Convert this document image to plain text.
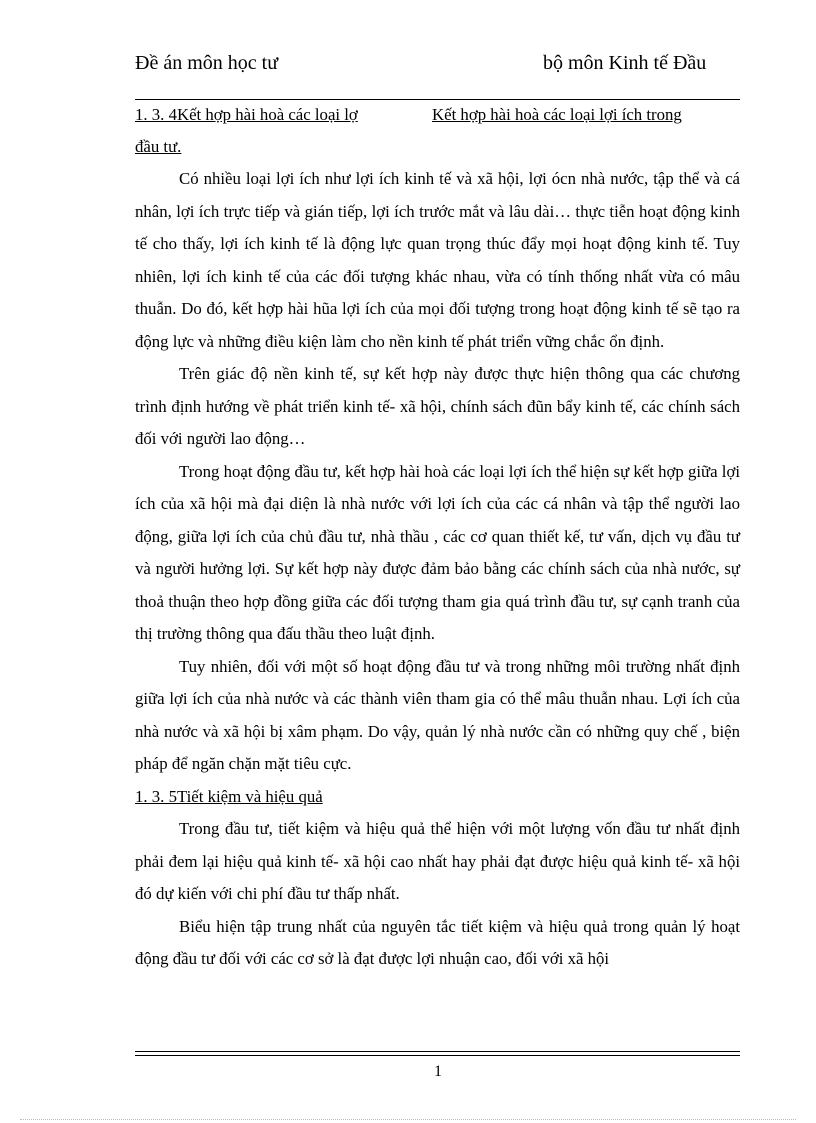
Đề án môn học tư	bộ môn Kinh tế Đầu
1. 3. 4Kết hợp hài hoà các loại lợ	Kết hợp hài hoà các loại lợi ích trong
đầu tư.

Có nhiều loại lợi ích như lợi ích kinh tế và xã hội, lợi ócn nhà nước, tập thể và cá nhân, lợi ích trực tiếp và gián tiếp, lợi ích trước mắt và lâu dài… thực tiễn hoạt động kinh tế cho thấy, lợi ích kinh tế là động lực quan trọng thúc đẩy mọi hoạt động kinh tế. Tuy nhiên, lợi ích kinh tế của các đối tượng khác nhau, vừa có tính thống nhất vừa có mâu thuẫn. Do đó, kết hợp hài hũa lợi ích của mọi đối tượng trong hoạt động kinh tế sẽ tạo ra động lực và những điều kiện làm cho nền kinh tế phát triển vững chắc ổn định.

Trên giác độ nền kinh tế, sự kết hợp này được thực hiện thông qua các chương trình định hướng về phát triển kinh tế- xã hội, chính sách đũn bẩy kinh tế, các chính sách đối với người lao động…

Trong hoạt động đầu tư, kết hợp hài hoà các loại lợi ích thể hiện sự kết hợp giữa lợi ích của xã hội mà đại diện là nhà nước với lợi ích của các cá nhân và tập thể người lao động, giữa lợi ích của chủ đầu tư, nhà thầu , các cơ quan thiết kế, tư vấn, dịch vụ đầu tư và người hưởng lợi. Sự kết hợp này được đảm bảo bằng các chính sách của nhà nước, sự thoả thuận theo hợp đồng giữa các đối tượng tham gia quá trình đầu tư, sự cạnh tranh của thị trường thông qua đấu thầu theo luật định.

Tuy nhiên, đối với một số hoạt động đầu tư và trong những môi trường nhất định giữa lợi ích của nhà nước và các thành viên tham gia có thể mâu thuẫn nhau. Lợi ích của nhà nước và xã hội bị xâm phạm. Do vậy, quản lý nhà nước cần có những quy chế , biện pháp để ngăn chặn mặt tiêu cực.

1. 3. 5Tiết kiệm và hiệu quả

Trong đầu tư, tiết kiệm và hiệu quả thể hiện với một lượng vốn đầu tư nhất định phải đem lại hiệu quả kinh tế- xã hội cao nhất hay phải đạt được hiệu quả kinh tế- xã hội đó dự kiến với chi phí đầu tư thấp nhất.

Biểu hiện tập trung nhất của nguyên tắc tiết kiệm và hiệu quả trong quản lý hoạt động đầu tư đối với các cơ sở là đạt được lợi nhuận cao, đối với xã hội

1
